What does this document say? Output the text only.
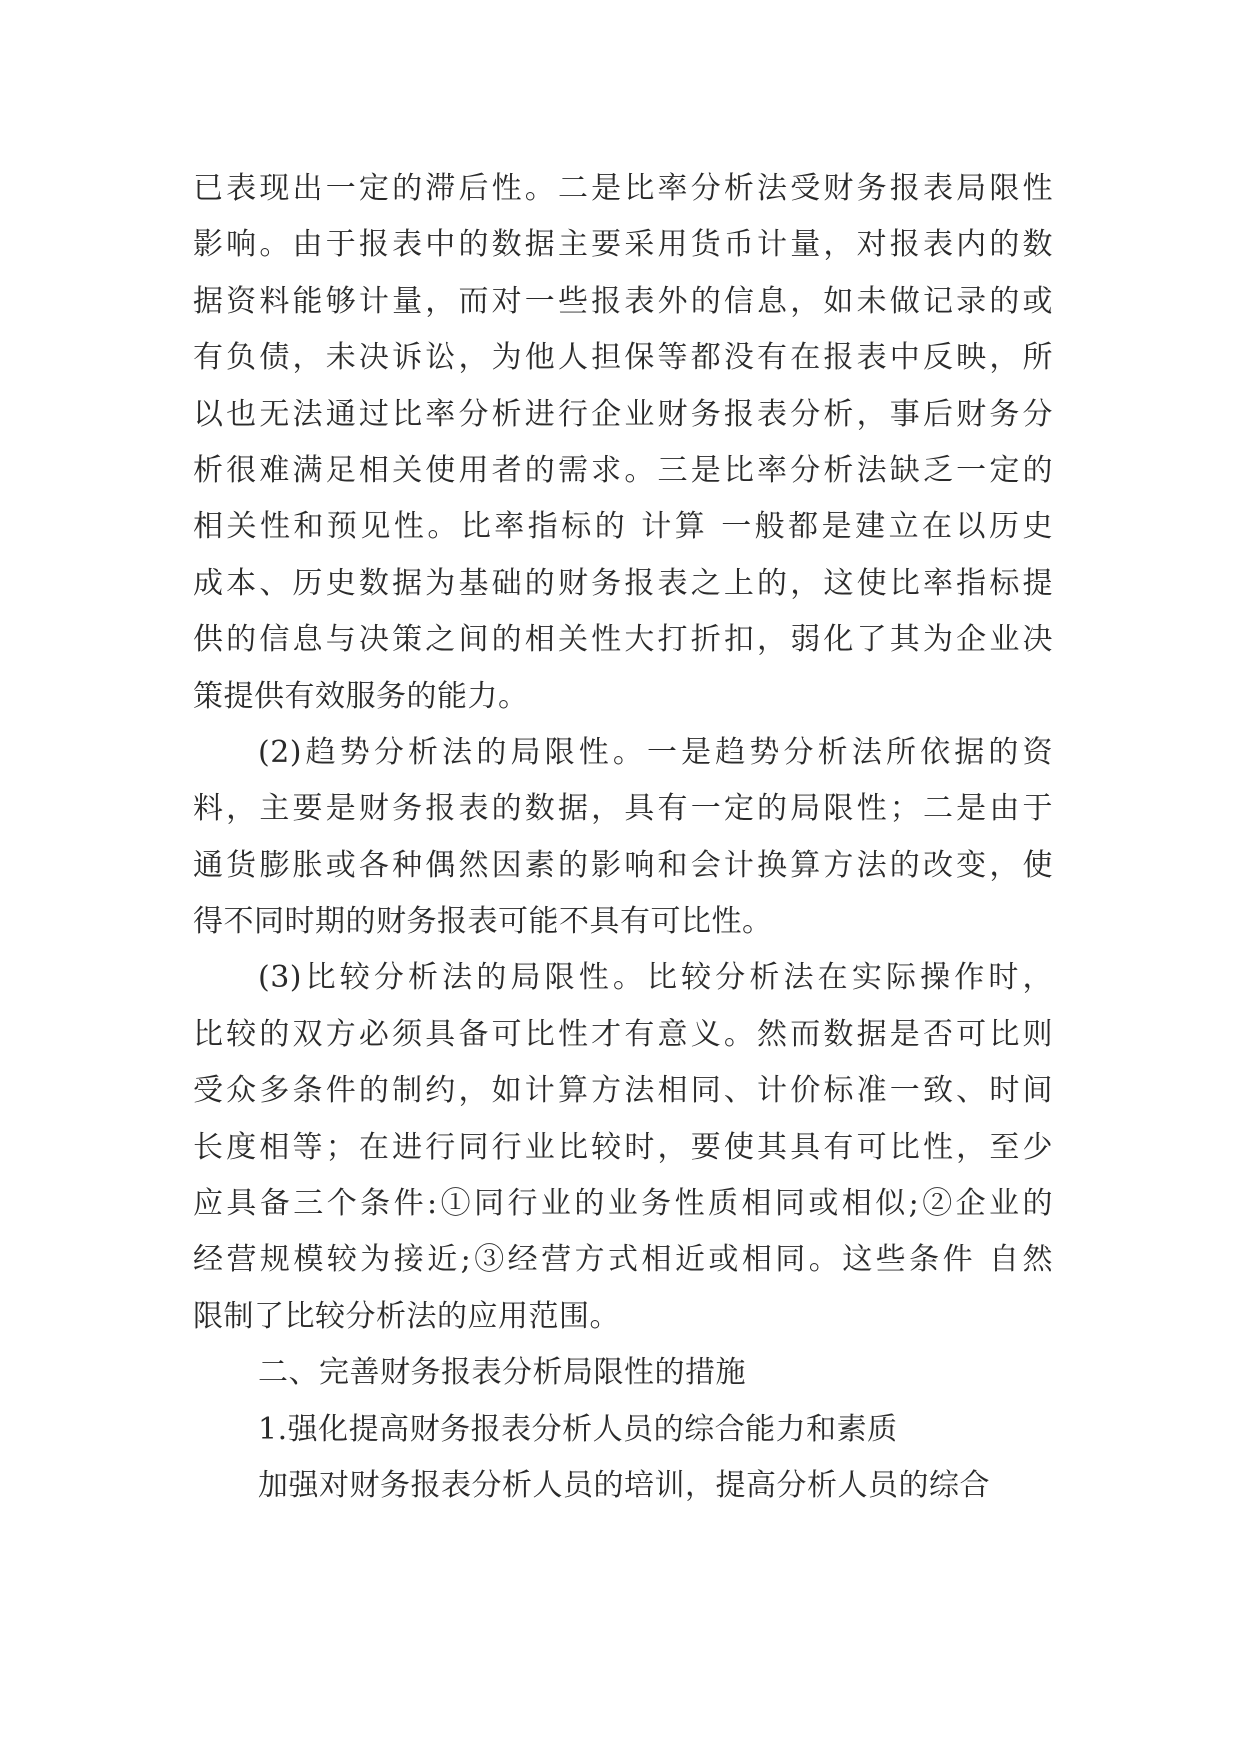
已表现出一定的滞后性。二是比率分析法受财务报表局限性
影响。由于报表中的数据主要采用货币计量，对报表内的数
据资料能够计量，而对一些报表外的信息，如未做记录的或
有负债，未决诉讼，为他人担保等都没有在报表中反映，所
以也无法通过比率分析进行企业财务报表分析，事后财务分
析很难满足相关使用者的需求。三是比率分析法缺乏一定的
相关性和预见性。比率指标的 计算 一般都是建立在以历史
成本、历史数据为基础的财务报表之上的，这使比率指标提
供的信息与决策之间的相关性大打折扣，弱化了其为企业决
策提供有效服务的能力。
(2)趋势分析法的局限性。一是趋势分析法所依据的资
料，主要是财务报表的数据，具有一定的局限性；二是由于
通货膨胀或各种偶然因素的影响和会计换算方法的改变，使
得不同时期的财务报表可能不具有可比性。
(3)比较分析法的局限性。比较分析法在实际操作时，
比较的双方必须具备可比性才有意义。然而数据是否可比则
受众多条件的制约，如计算方法相同、计价标准一致、时间
长度相等；在进行同行业比较时，要使其具有可比性，至少
应具备三个条件:①同行业的业务性质相同或相似;②企业的
经营规模较为接近;③经营方式相近或相同。这些条件 自然
限制了比较分析法的应用范围。
二、完善财务报表分析局限性的措施
1.强化提高财务报表分析人员的综合能力和素质
加强对财务报表分析人员的培训，提高分析人员的综合
